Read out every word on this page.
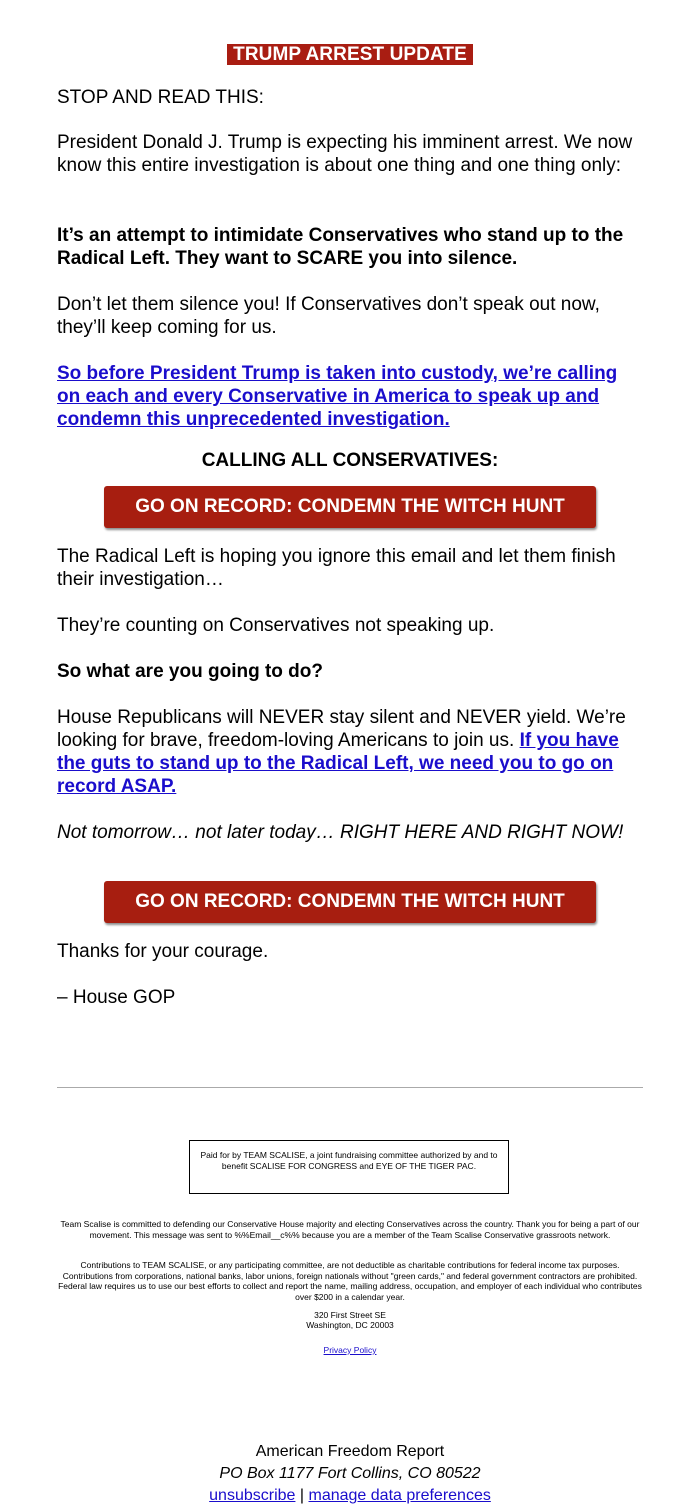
TRUMP ARREST UPDATE

STOP AND READ THIS:

President Donald J. Trump is expecting his imminent arrest. We now know this entire investigation is about one thing and one thing only:

It’s an attempt to intimidate Conservatives who stand up to the Radical Left. They want to SCARE you into silence.

Don’t let them silence you! If Conservatives don’t speak out now, they’ll keep coming for us.

So before President Trump is taken into custody, we’re calling on each and every Conservative in America to speak up and condemn this unprecedented investigation.

CALLING ALL CONSERVATIVES:

GO ON RECORD: CONDEMN THE WITCH HUNT

The Radical Left is hoping you ignore this email and let them finish their investigation…

They’re counting on Conservatives not speaking up.

So what are you going to do?

House Republicans will NEVER stay silent and NEVER yield. We’re looking for brave, freedom-loving Americans to join us. If you have the guts to stand up to the Radical Left, we need you to go on record ASAP.

Not tomorrow… not later today… RIGHT HERE AND RIGHT NOW!

GO ON RECORD: CONDEMN THE WITCH HUNT

Thanks for your courage.

– House GOP

Paid for by TEAM SCALISE, a joint fundraising committee authorized by and to benefit SCALISE FOR CONGRESS and EYE OF THE TIGER PAC.

Team Scalise is committed to defending our Conservative House majority and electing Conservatives across the country. Thank you for being a part of our movement. This message was sent to %%Email__c%% because you are a member of the Team Scalise Conservative grassroots network.

Contributions to TEAM SCALISE, or any participating committee, are not deductible as charitable contributions for federal income tax purposes. Contributions from corporations, national banks, labor unions, foreign nationals without "green cards," and federal government contractors are prohibited. Federal law requires us to use our best efforts to collect and report the name, mailing address, occupation, and employer of each individual who contributes over $200 in a calendar year.

320 First Street SE

Washington, DC 20003

Privacy Policy

American Freedom Report
PO Box 1177 Fort Collins, CO 80522
unsubscribe | manage data preferences
